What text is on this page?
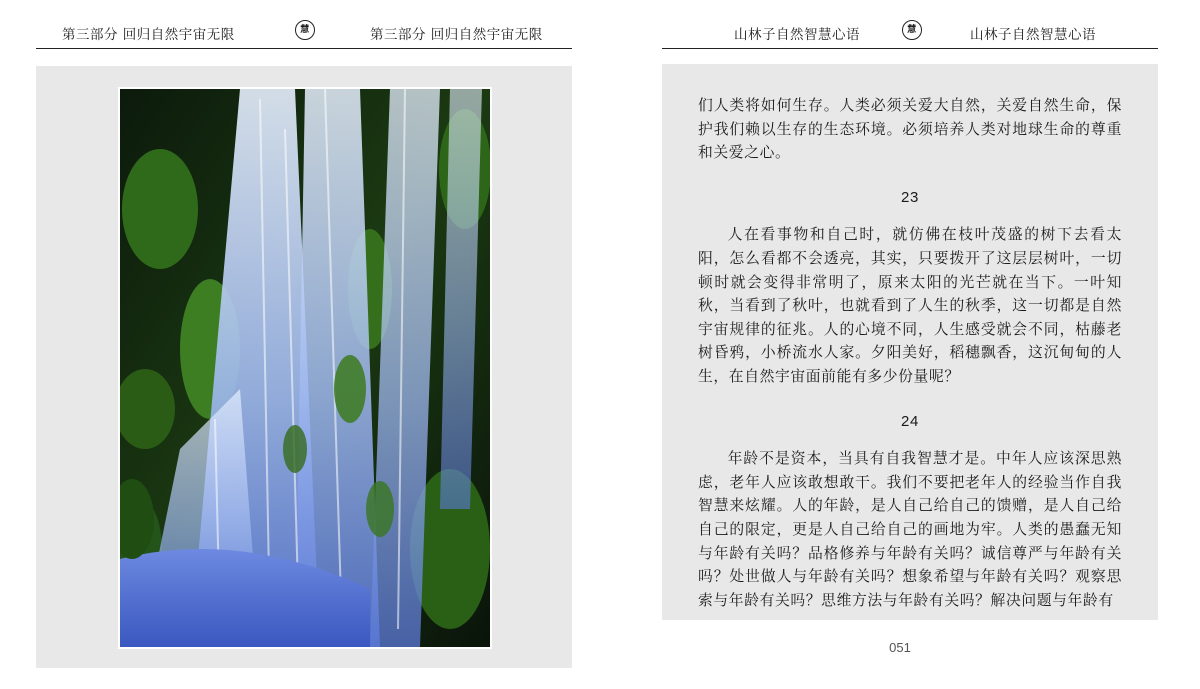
第三部分 回归自然宇宙无限	慧	第三部分 回归自然宇宙无限	山林子自然智慧心语	慧	山林子自然智慧心语

们人类将如何生存。人类必须关爱大自然，关爱自然生命，保护我们赖以生存的生态环境。必须培养人类对地球生命的尊重和关爱之心。

23

人在看事物和自己时，就仿佛在枝叶茂盛的树下去看太阳，怎么看都不会透亮，其实，只要拨开了这层层树叶，一切顿时就会变得非常明了，原来太阳的光芒就在当下。一叶知秋，当看到了秋叶，也就看到了人生的秋季，这一切都是自然宇宙规律的征兆。人的心境不同，人生感受就会不同，枯藤老树昏鸦，小桥流水人家。夕阳美好，稻穗飘香，这沉甸甸的人生，在自然宇宙面前能有多少份量呢？

24

年龄不是资本，当具有自我智慧才是。中年人应该深思熟虑，老年人应该敢想敢干。我们不要把老年人的经验当作自我智慧来炫耀。人的年龄，是人自己给自己的馈赠，是人自己给自己的限定，更是人自己给自己的画地为牢。人类的愚蠢无知与年龄有关吗？品格修养与年龄有关吗？诚信尊严与年龄有关吗？处世做人与年龄有关吗？想象希望与年龄有关吗？观察思索与年龄有关吗？思维方法与年龄有关吗？解决问题与年龄有

051
